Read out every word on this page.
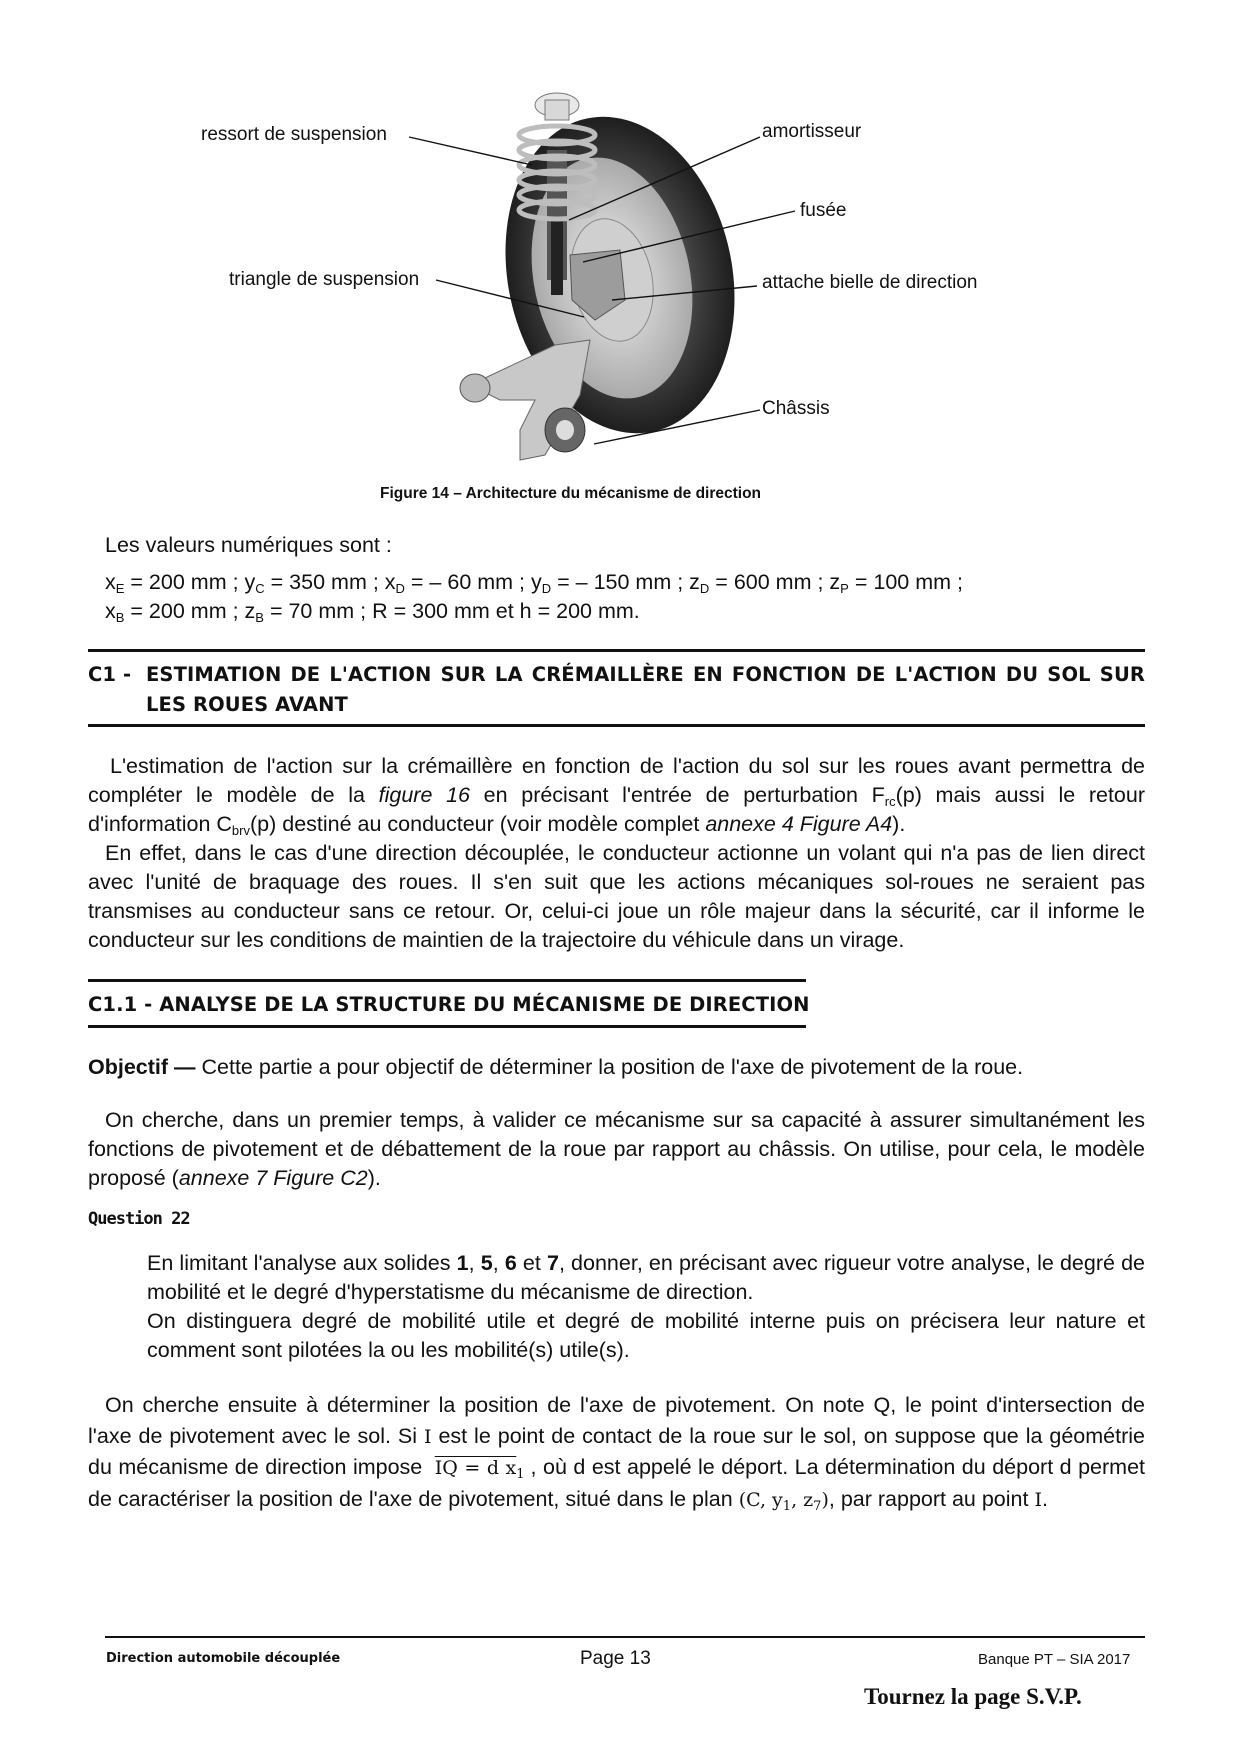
ressort de suspension	amortisseur
fusée
triangle de suspension	attache bielle de direction
Châssis
Figure 14 – Architecture du mécanisme de direction
Les valeurs numériques sont :
$x_E = 200$ mm ; $y_C = 350$ mm ; $x_D$ = – 60 mm ; $y_D$ = – 150 mm ; $z_D = 600$ mm ; $z_P = 100$ mm ;
$x_B = 200$ mm ; $z_B = 70$ mm ; R = 300 mm et h = 200 mm.
C1 - ESTIMATION DE L'ACTION SUR LA CRÉMAILLÈRE EN FONCTION DE L'ACTION DU SOL SUR LES ROUES AVANT
L'estimation de l'action sur la crémaillère en fonction de l'action du sol sur les roues avant permettra de compléter le modèle de la figure 16 en précisant l'entrée de perturbation $F_{rc}(p)$ mais aussi le retour d'information $C_{brv}(p)$ destiné au conducteur (voir modèle complet annexe 4 Figure A4).
En effet, dans le cas d'une direction découplée, le conducteur actionne un volant qui n'a pas de lien direct avec l'unité de braquage des roues. Il s'en suit que les actions mécaniques sol-roues ne seraient pas transmises au conducteur sans ce retour. Or, celui-ci joue un rôle majeur dans la sécurité, car il informe le conducteur sur les conditions de maintien de la trajectoire du véhicule dans un virage.
C1.1 - ANALYSE DE LA STRUCTURE DU MÉCANISME DE DIRECTION
Objectif — Cette partie a pour objectif de déterminer la position de l'axe de pivotement de la roue.
On cherche, dans un premier temps, à valider ce mécanisme sur sa capacité à assurer simultanément les fonctions de pivotement et de débattement de la roue par rapport au châssis. On utilise, pour cela, le modèle proposé (annexe 7 Figure C2).
Question 22
En limitant l'analyse aux solides 1, 5, 6 et 7, donner, en précisant avec rigueur votre analyse, le degré de mobilité et le degré d'hyperstatisme du mécanisme de direction.
On distinguera degré de mobilité utile et degré de mobilité interne puis on précisera leur nature et comment sont pilotées la ou les mobilité(s) utile(s).
On cherche ensuite à déterminer la position de l'axe de pivotement. On note Q, le point d'intersection de l'axe de pivotement avec le sol. Si I est le point de contact de la roue sur le sol, on suppose que la géométrie du mécanisme de direction impose IQ = d $x_1$ , où d est appelé le déport. La détermination du déport d permet de caractériser la position de l'axe de pivotement, situé dans le plan (C, $y_1$, $z_7$), par rapport au point I.
Direction automobile découplée	Page 13	Banque PT – SIA 2017
Tournez la page S.V.P.
